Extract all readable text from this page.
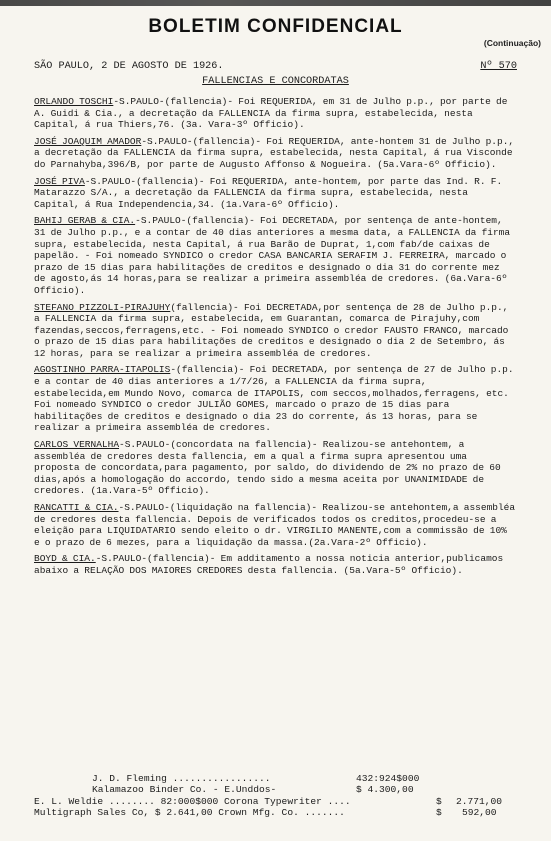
BOLETIM CONFIDENCIAL
(Continuação)
SÃO PAULO, 2 DE AGOSTO DE 1926.	Nº 570
FALLENCIAS E CONCORDATAS

ORLANDO TOSCHI-S.PAULO-(fallencia)- Foi REQUERIDA, em 31 de Julho p.p., por parte de A. Guidi & Cia., a decretação da FALLENCIA da firma supra, estabelecida, nesta Capital, á rua Thiers,76. (3a. Vara-3º Officio).

JOSÉ JOAQUIM AMADOR-S.PAULO-(fallencia)- Foi REQUERIDA, ante-hontem 31 de Julho p.p., a decretação da FALLENCIA da firma supra, estabelecida, nesta Capital, á rua Visconde do Parnahyba,396/B, por parte de Augusto Affonso & Nogueira. (5a.Vara-6º Officio).

JOSÉ PIVA-S.PAULO-(fallencia)- Foi REQUERIDA, ante-hontem, por parte das Ind. R. F. Matarazzo S/A., a decretação da FALLENCIA da firma supra, estabelecida, nesta Capital, á Rua Independencia,34. (1a.Vara-6º Officio).

BAHIJ GERAB & CIA.-S.PAULO-(fallencia)- Foi DECRETADA, por sentença de ante-hontem, 31 de Julho p.p., e a contar de 40 dias anteriores a mesma data, a FALLENCIA da firma supra, estabelecida, nesta Capital, á rua Barão de Duprat, 1,com fab/de caixas de papelão. - Foi nomeado SYNDICO o credor CASA BANCARIA SERAFIM J. FERREIRA, marcado o prazo de 15 dias para habilitações de creditos e designado o dia 31 do corrente mez de agosto,ás 14 horas,para se realizar a primeira assembléa de credores. (6a.Vara-6º Officio).

STEFANO PIZZOLI-PIRAJUHY(fallencia)- Foi DECRETADA,por sentença de 28 de Julho p.p., a FALLENCIA da firma supra, estabelecida, em Guarantan, comarca de Pirajuhy,com fazendas,seccos,ferragens,etc. - Foi nomeado SYNDICO o credor FAUSTO FRANCO, marcado o prazo de 15 dias para habilitações de creditos e designado o dia 2 de Setembro, ás 12 horas, para se realizar a primeira assembléa de credores.

AGOSTINHO PARRA-ITAPOLIS-(fallencia)- Foi DECRETADA, por sentença de 27 de Julho p.p. e a contar de 40 dias anteriores a 1/7/26, a FALLENCIA da firma supra, estabelecida,em Mundo Novo, comarca de ITAPOLIS, com seccos,molhados,ferragens, etc. Foi nomeado SYNDICO o credor JULIÃO GOMES, marcado o prazo de 15 dias para habilitações de creditos e designado o dia 23 do corrente, ás 13 horas, para se realizar a primeira assembléa de credores.

CARLOS VERNALHA-S.PAULO-(concordata na fallencia)- Realizou-se antehontem, a assembléa de credores desta fallencia, em a qual a firma supra apresentou uma proposta de concordata,para pagamento, por saldo, do dividendo de 2% no prazo de 60 dias,após a homologação do accordo, tendo sido a mesma aceita por UNANIMIDADE de credores. (1a.Vara-5º Officio).

RANCATTI & CIA.-S.PAULO-(liquidação na fallencia)- Realizou-se antehontem,a assembléa de credores desta fallencia. Depois de verificados todos os creditos,procedeu-se a eleição para LIQUIDATARIO sendo eleito o dr. VIRGILIO MANENTE,com a commissão de 10% e o prazo de 6 mezes, para a liquidação da massa.(2a.Vara-2º Officio).

BOYD & CIA.-S.PAULO-(fallencia)- Em additamento a nossa noticia anterior,publicamos abaixo a RELAÇÃO DOS MAIORES CREDORES desta fallencia. (5a.Vara-5º Officio).

J. D. Fleming .................	432:924$000
Kalamazoo Binder Co. - E.Unddos-	$ 4.300,00
E. L. Weldie ........ 82:000$000 Corona Typewriter ....	$ 2.771,00
Multigraph Sales Co, $ 2.641,00 Crown Mfg. Co. .......	$ 592,00
